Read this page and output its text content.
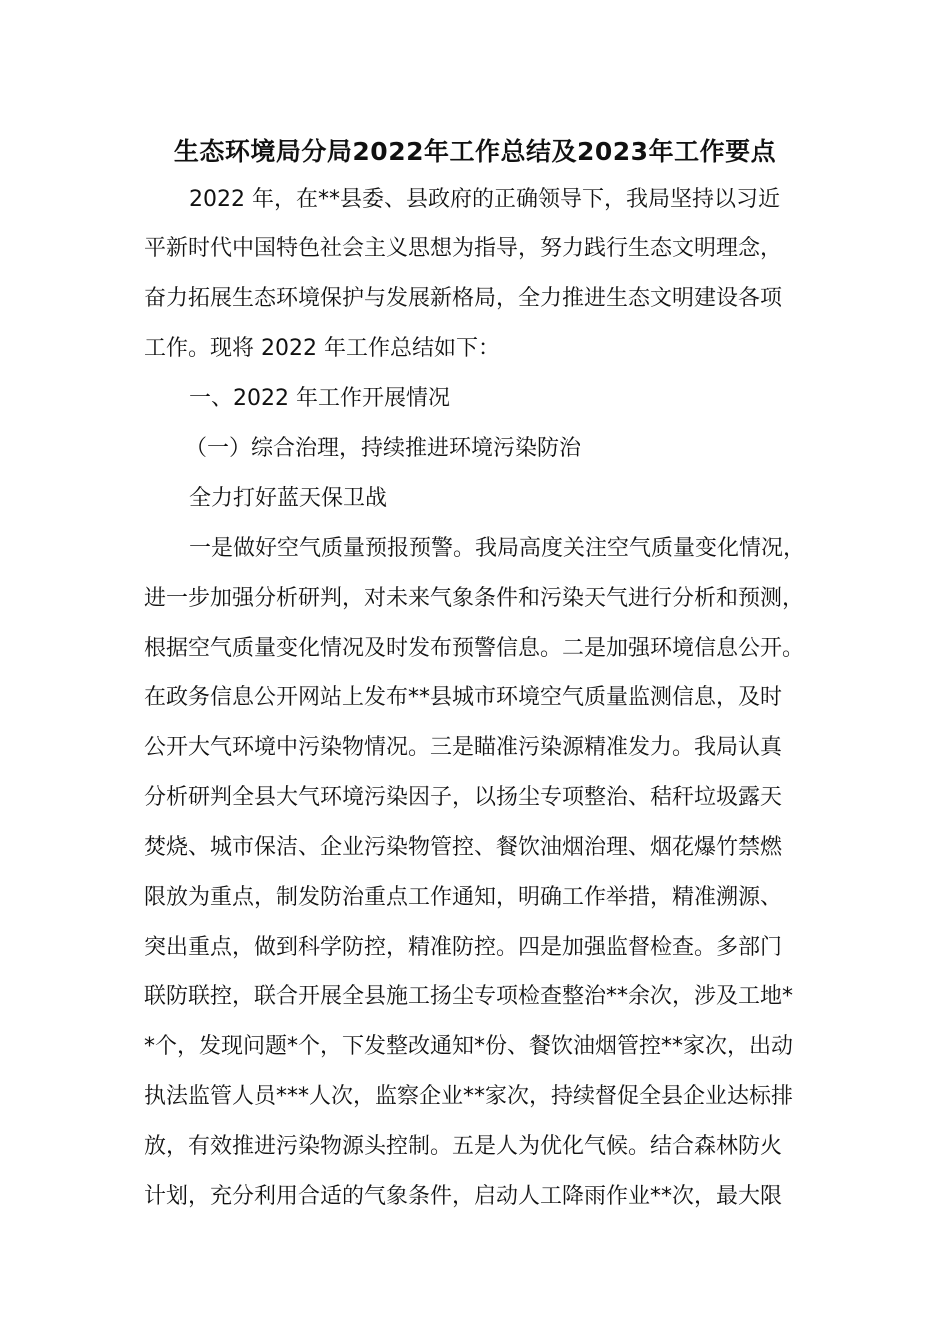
生态环境局分局2022年工作总结及2023年工作要点
2022 年，在**县委、县政府的正确领导下，我局坚持以习近
平新时代中国特色社会主义思想为指导，努力践行生态文明理念，
奋力拓展生态环境保护与发展新格局，全力推进生态文明建设各项
工作。现将 2022 年工作总结如下：
一、2022 年工作开展情况
（一）综合治理，持续推进环境污染防治
全力打好蓝天保卫战
一是做好空气质量预报预警。我局高度关注空气质量变化情况，
进一步加强分析研判，对未来气象条件和污染天气进行分析和预测，
根据空气质量变化情况及时发布预警信息。二是加强环境信息公开。
在政务信息公开网站上发布**县城市环境空气质量监测信息，及时
公开大气环境中污染物情况。三是瞄准污染源精准发力。我局认真
分析研判全县大气环境污染因子，以扬尘专项整治、秸秆垃圾露天
焚烧、城市保洁、企业污染物管控、餐饮油烟治理、烟花爆竹禁燃
限放为重点，制发防治重点工作通知，明确工作举措，精准溯源、
突出重点，做到科学防控，精准防控。四是加强监督检查。多部门
联防联控，联合开展全县施工扬尘专项检查整治**余次，涉及工地*
*个，发现问题*个，下发整改通知*份、餐饮油烟管控**家次，出动
执法监管人员***人次，监察企业**家次，持续督促全县企业达标排
放，有效推进污染物源头控制。五是人为优化气候。结合森林防火
计划，充分利用合适的气象条件，启动人工降雨作业**次，最大限
